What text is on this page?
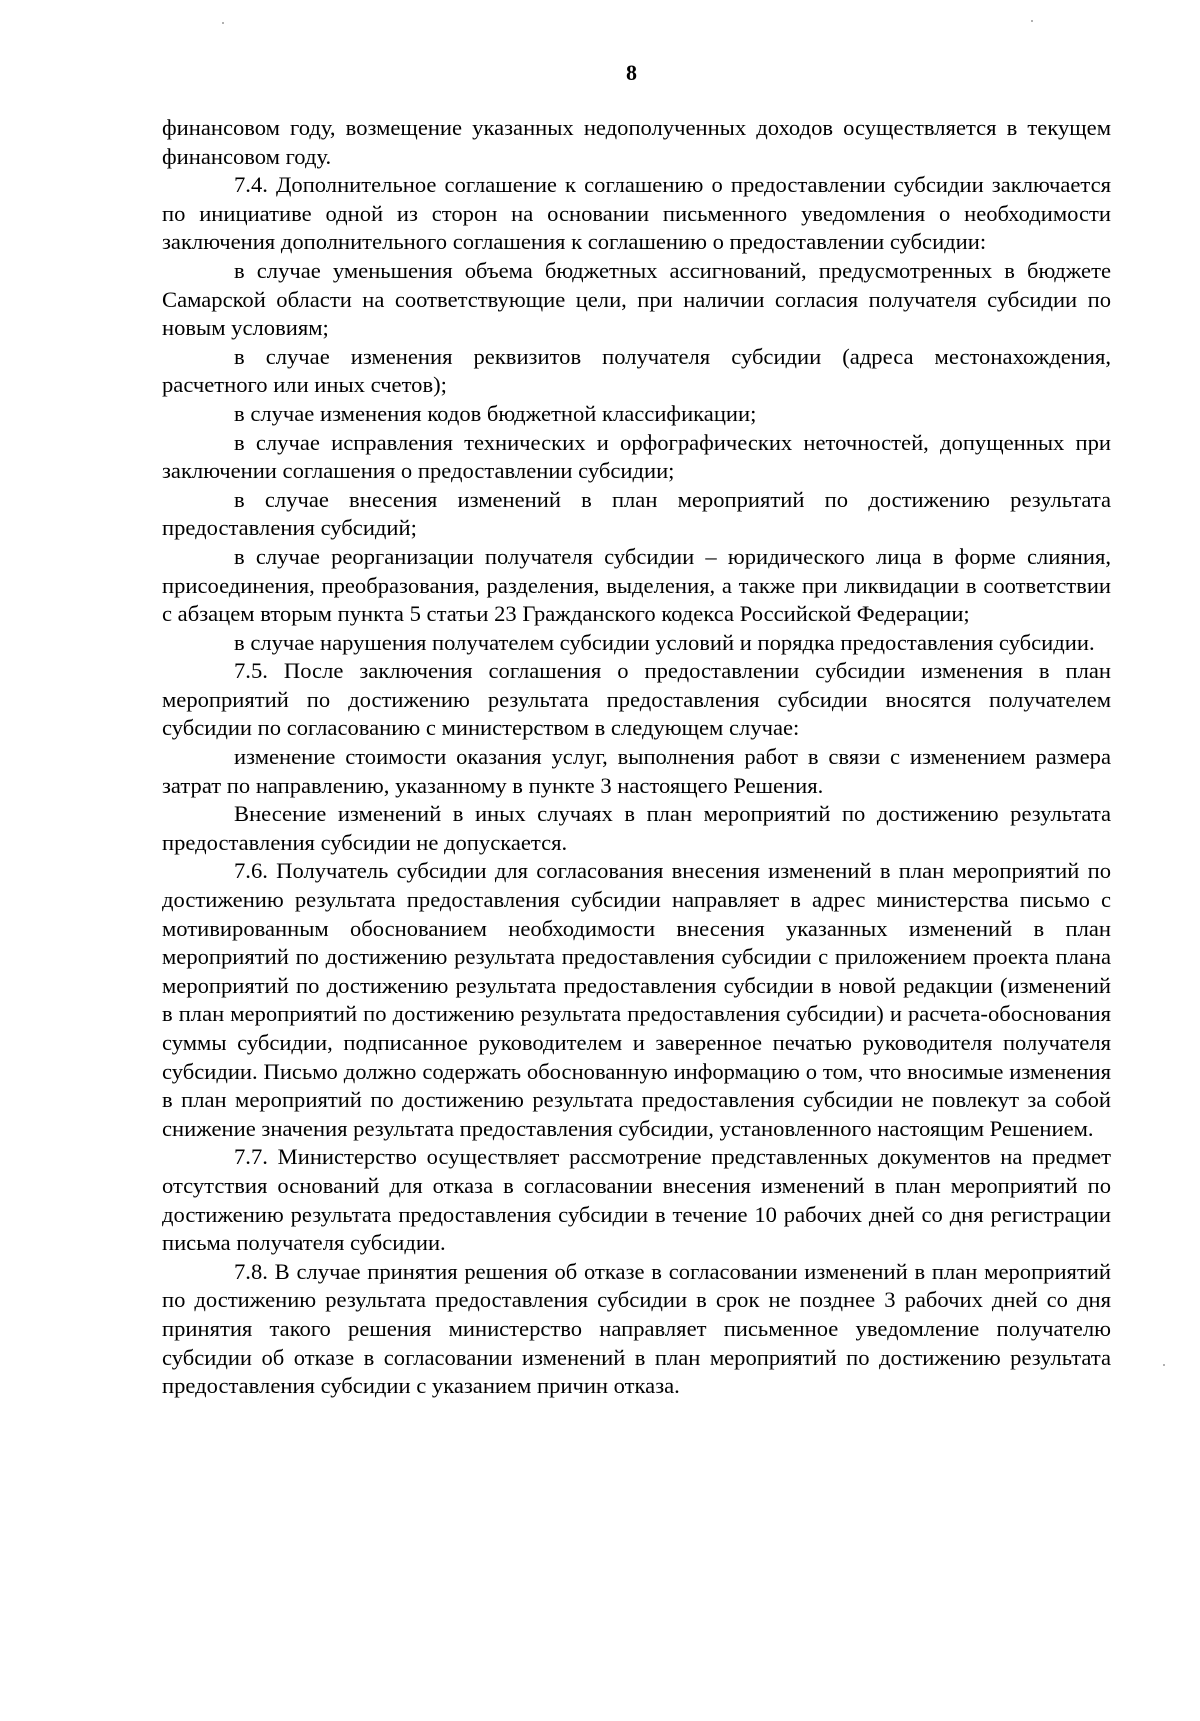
8

финансовом году, возмещение указанных недополученных доходов осуществляется в текущем финансовом году.

7.4. Дополнительное соглашение к соглашению о предоставлении субсидии заключается по инициативе одной из сторон на основании письменного уведомления о необходимости заключения дополнительного соглашения к соглашению о предоставлении субсидии:

в случае уменьшения объема бюджетных ассигнований, предусмотренных в бюджете Самарской области на соответствующие цели, при наличии согласия получателя субсидии по новым условиям;

в случае изменения реквизитов получателя субсидии (адреса местонахождения, расчетного или иных счетов);

в случае изменения кодов бюджетной классификации;

в случае исправления технических и орфографических неточностей, допущенных при заключении соглашения о предоставлении субсидии;

в случае внесения изменений в план мероприятий по достижению результата предоставления субсидий;

в случае реорганизации получателя субсидии – юридического лица в форме слияния, присоединения, преобразования, разделения, выделения, а также при ликвидации в соответствии с абзацем вторым пункта 5 статьи 23 Гражданского кодекса Российской Федерации;

в случае нарушения получателем субсидии условий и порядка предоставления субсидии.

7.5. После заключения соглашения о предоставлении субсидии изменения в план мероприятий по достижению результата предоставления субсидии вносятся получателем субсидии по согласованию с министерством в следующем случае:

изменение стоимости оказания услуг, выполнения работ в связи с изменением размера затрат по направлению, указанному в пункте 3 настоящего Решения.

Внесение изменений в иных случаях в план мероприятий по достижению результата предоставления субсидии не допускается.

7.6. Получатель субсидии для согласования внесения изменений в план мероприятий по достижению результата предоставления субсидии направляет в адрес министерства письмо с мотивированным обоснованием необходимости внесения указанных изменений в план мероприятий по достижению результата предоставления субсидии с приложением проекта плана мероприятий по достижению результата предоставления субсидии в новой редакции (изменений в план мероприятий по достижению результата предоставления субсидии) и расчета-обоснования суммы субсидии, подписанное руководителем и заверенное печатью руководителя получателя субсидии. Письмо должно содержать обоснованную информацию о том, что вносимые изменения в план мероприятий по достижению результата предоставления субсидии не повлекут за собой снижение значения результата предоставления субсидии, установленного настоящим Решением.

7.7. Министерство осуществляет рассмотрение представленных документов на предмет отсутствия оснований для отказа в согласовании внесения изменений в план мероприятий по достижению результата предоставления субсидии в течение 10 рабочих дней со дня регистрации письма получателя субсидии.

7.8. В случае принятия решения об отказе в согласовании изменений в план мероприятий по достижению результата предоставления субсидии в срок не позднее 3 рабочих дней со дня принятия такого решения министерство направляет письменное уведомление получателю субсидии об отказе в согласовании изменений в план мероприятий по достижению результата предоставления субсидии с указанием причин отказа.
